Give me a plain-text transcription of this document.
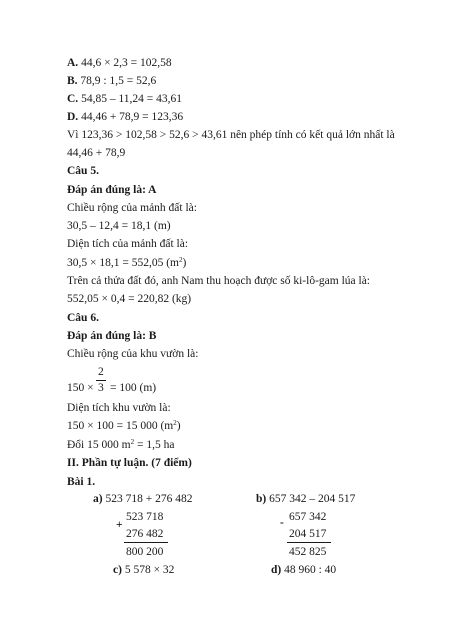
A. 44,6 × 2,3 = 102,58
B. 78,9 : 1,5 = 52,6
C. 54,85 – 11,24 = 43,61
D. 44,46 + 78,9 = 123,36
Vì 123,36 > 102,58 > 52,6 > 43,61 nên phép tính có kết quả lớn nhất là
44,46 + 78,9
Câu 5.
Đáp án đúng là: A
Chiều rộng của mảnh đất là:
30,5 – 12,4 = 18,1 (m)
Diện tích của mảnh đất là:
30,5 × 18,1 = 552,05 $(m^2)$
Trên cả thửa đất đó, anh Nam thu hoạch được số ki-lô-gam lúa là:
552,05 × 0,4 = 220,82 (kg)
Câu 6.
Đáp án đúng là: B
Chiều rộng của khu vườn là:
2
3
150 × = 100 (m)
Diện tích khu vườn là:
150 × 100 = 15 000 $(m^2)$
Đổi 15 000 $m^2 = 1,5$ ha
II. Phần tự luận. (7 điểm)
Bài 1.
a) 523 718 + 276 482	b) 657 342 – 204 517
523 718
+
276 482
800 200
657 342
-
204 517
452 825
c) 5 578 × 32	d) 48 960 : 40
